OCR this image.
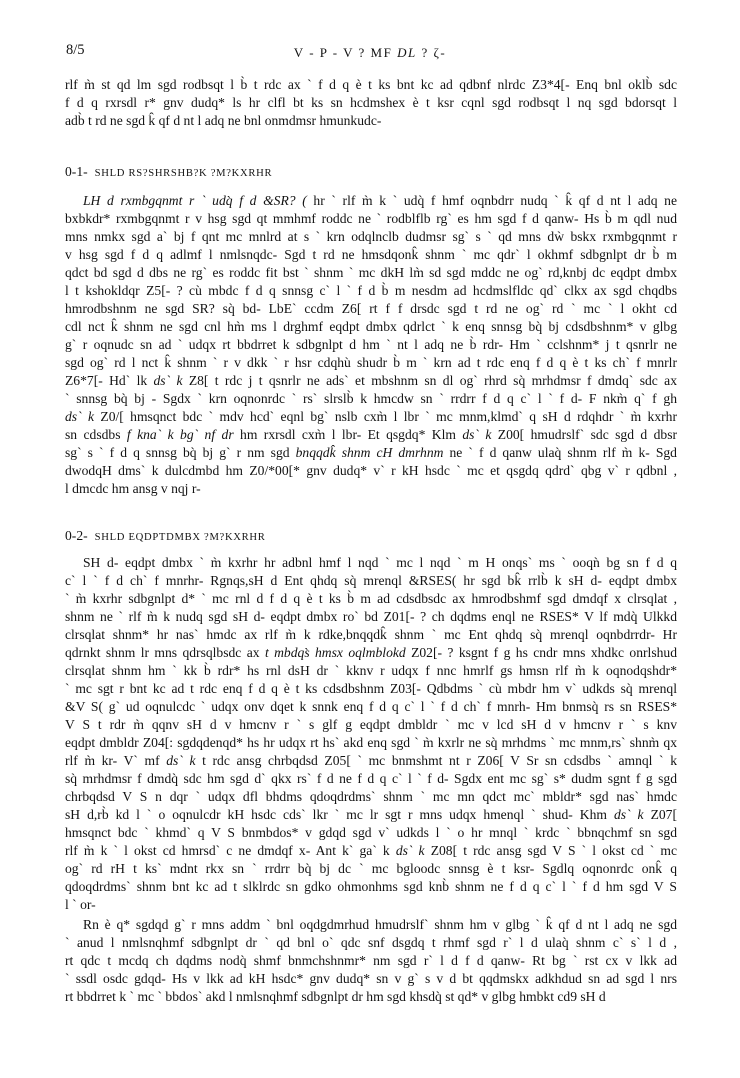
8/5	V - P - V ? MF DL ? ζ-
rlf m̀ st qd lm sgd rodbsqt l b̀ t rdc ax ` f d q è t ks bnt kc ad qdbnf nlrdc Z3*4[- Enq bnl oklb̀ sdc
f d q rxrsdl r* gnv dudq* ls hr clfl bt ks sn hcdmshex è t ksr cqnl sgd rodbsqt l nq sgd bdorsqt l
adb̀ t rd ne sgd k̂ qf d nt l adq ne bnl onmdmsr hmunkudc-
0-1- SHLD RS?SHRSHB?K ?M?KXRHR
LH d rxmbgqnmt r ` udq̀ f d &SR? ( hr ` rlf m̀ k ` udq̀ f hmf oqnbdrr nudq ` k̂ qf d nt l adq ne
bxbkdr* rxmbgqnmt r v hsg sgd qt mmhmf roddc ne ` rodblflb rg` es hm sgd f d qanw- Hs b̀ m qdl nud
mns nmkx sgd a` bj f qnt mc mnlrd at s ` krn odqlnclb dudmsr sg` s ` qd mns dẁ bskx rxmbgqnmt r
v hsg sgd f d q adlmf l nmlsnqdc- Sgd t rd ne hmsdqonk̂ shnm ` mc qdr` l okhmf sdbgnlpt dr b̀ m
qdct bd sgd d dbs ne rg` es roddc fit bst ` shnm ` mc dkH lm̀ sd sgd mddc ne og` rd,knbj dc eqdpt dmbx
l t kshokldqr Z5[- ? cù mbdc f d q snnsg c` l ` f d b̀ m nesdm ad hcdmslfldc qd` clkx ax sgd chqdbs
hmrodbshnm ne sgd SR? sq̀ bd- LbE` ccdm Z6[ rt f f drsdc sgd t rd ne og` rd ` mc ` l okht cd
cdl nct k̂ shnm ne sgd cnl hm̀ ms l drghmf eqdpt dmbx qdrlct ` k enq snnsg bq̀ bj cdsdbshnm* v glbg
g` r oqnudc sn ad ` udqx rt bbdrret k sdbgnlpt d hm ` nt l adq ne b̀ rdr- Hm ` cclshnm* j t qsnrlr ne
sgd og` rd l nct k̂ shnm ` r v dkk ` r hsr cdqhù shudr b̀ m ` krn ad t rdc enq f d q è t ks ch` f mnrlr
Z6*7[- Hd` lk ds` k Z8[ t rdc j t qsnrlr ne ads` et mbshnm sn dl og` rhrd sq̀ mrhdmsr f dmdq` sdc ax
` snnsg bq̀ bj - Sgdx ` krn oqnonrdc ` rs` slrslb̀ k hmcdw sn ` rrdrr f d q c` l ` f d- F nkm̀ q` f gh
ds` k Z0/[ hmsqnct bdc ` mdv hcd` eqnl bg` nslb cxm̀ l lbr ` mc mnm,klmd` q sH d rdqhdr ` m̀ kxrhr
sn cdsdbs f kna` k bg` nf dr hm rxrsdl cxm̀ l lbr- Et qsgdq* Klm ds` k Z00[ hmudrslf` sdc sgd d dbsr
sg` s ` f d q snnsg bq̀ bj g` r nm sgd bnqqdk̂ shnm cH dmrhnm ne ` f d qanw ulaq̀ shnm rlf m̀ k- Sgd
dwodqH dms` k dulcdmbd hm Z0/*00[* gnv dudq* v` r kH hsdc ` mc et qsgdq qdrd` qbg v` r qdbnl ,
l dmcdc hm ansg v nqj r-
0-2- SHLD EQDPTDMBX ?M?KXRHR
SH d- eqdpt dmbx ` m̀ kxrhr hr adbnl hmf l nqd ` mc l nqd ` m H onqs` ms ` ooqǹ bg sn f d q
c` l ` f d ch` f mnrhr- Rgnqs,sH d Ent qhdq sq̀ mrenql &RSES( hr sgd bk̂ rrlb̀ k sH d- eqdpt dmbx
` m̀ kxrhr sdbgnlpt d* ` mc rnl d f d q è t ks b̀ m ad cdsdbsdc ax hmrodbshmf sgd dmdqf x clrsqlat ,
shnm ne ` rlf m̀ k nudq sgd sH d- eqdpt dmbx ro` bd Z01[- ? ch dqdms enql ne RSES* V lf mdq̀ Ulkkd
clrsqlat shnm* hr nas` hmdc ax rlf m̀ k rdke,bnqqdk̂ shnm ` mc Ent qhdq sq̀ mrenql oqnbdrrdr- Hr
qdrnkt shnm lr mns qdrsqlbsdc ax t mbdqs̀ hmsx oqlmblokd Z02[- ? ksgnt f g hs cndr mns xhdkc onrlshud
clrsqlat shnm hm ` kk b̀ rdr* hs rnl dsH dr ` kknv r udqx f nnc hmrlf gs hmsn rlf m̀ k oqnodqshdr*
` mc sgt r bnt kc ad t rdc enq f d q è t ks cdsdbshnm Z03[- Qdbdms ` cù mbdr hm v` udkds sq̀ mrenql
&V S( g` ud oqnulcdc ` udqx onv dqet k snnk enq f d q c` l ` f d ch` f mnrh- Hm bnmsq̀ rs sn RSES*
V S t rdr m̀ qqnv sH d v hmcnv r ` s glf g eqdpt dmbldr ` mc v lcd sH d v hmcnv r ` s knv
eqdpt dmbldr Z04[: sgdqdenqd* hs hr udqx rt hs` akd enq sgd ` m̀ kxrlr ne sq̀ mrhdms ` mc mnm,rs` shnm̀ qx
rlf m̀ kr- V` mf ds` k t rdc ansg chrbqdsd Z05[ ` mc bnmshmt nt r Z06[ V Sr sn cdsdbs ` amnql ` k
sq̀ mrhdmsr f dmdq̀ sdc hm sgd d` qkx rs` f d ne f d q c` l ` f d- Sgdx ent mc sg` s* dudm sgnt f g sgd
chrbqdsd V S n dqr ` udqx dfl bhdms qdoqdrdms` shnm ` mc mn qdct mc` mbldr* sgd nas` hmdc
sH d,rb̀ kd l ` o oqnulcdr kH hsdc cds` lkr ` mc lr sgt r mns udqx hmenql ` shud- Khm ds` k Z07[
hmsqnct bdc ` khmd` q V S bnmbdos* v gdqd sgd v` udkds l ` o hr mnql ` krdc ` bbnqchmf sn sgd
rlf m̀ k ` l okst cd hmrsd` c ne dmdqf x- Ant k` ga` k ds` k Z08[ t rdc ansg sgd V S ` l okst cd ` mc
og` rd rH t ks` mdnt rkx sn ` rrdrr bq̀ bj dc ` mc bgloodc snnsg è t ksr- Sgdlq oqnonrdc onk̂ q
qdoqdrdms` shnm bnt kc ad t slklrdc sn gdko ohmonhms sgd knb̀ shnm ne f d q c` l ` f d hm sgd V S
l ` or-
Rn è q* sgdqd g` r mns addm ` bnl oqdgdmrhud hmudrslf` shnm hm v glbg ` k̂ qf d nt l adq ne sgd
` anud l nmlsnqhmf sdbgnlpt dr ` qd bnl o` qdc snf dsgdq t rhmf sgd r` l d ulaq̀ shnm c` s` l d ,
rt qdc t mcdq ch dqdms nodq̀ shmf bnmchshnmr* nm sgd r` l d f d qanw- Rt bg ` rst cx v lkk ad
` ssdl osdc gdqd- Hs v lkk ad kH hsdc* gnv dudq* sn v g` s v d bt qqdmskx adkhdud sn ad sgd l nrs
rt bbdrret k ` mc ` bbdos` akd l nmlsnqhmf sdbgnlpt dr hm sgd khsdq̀ st qd* v glbg hmbkt cd9 sH d
